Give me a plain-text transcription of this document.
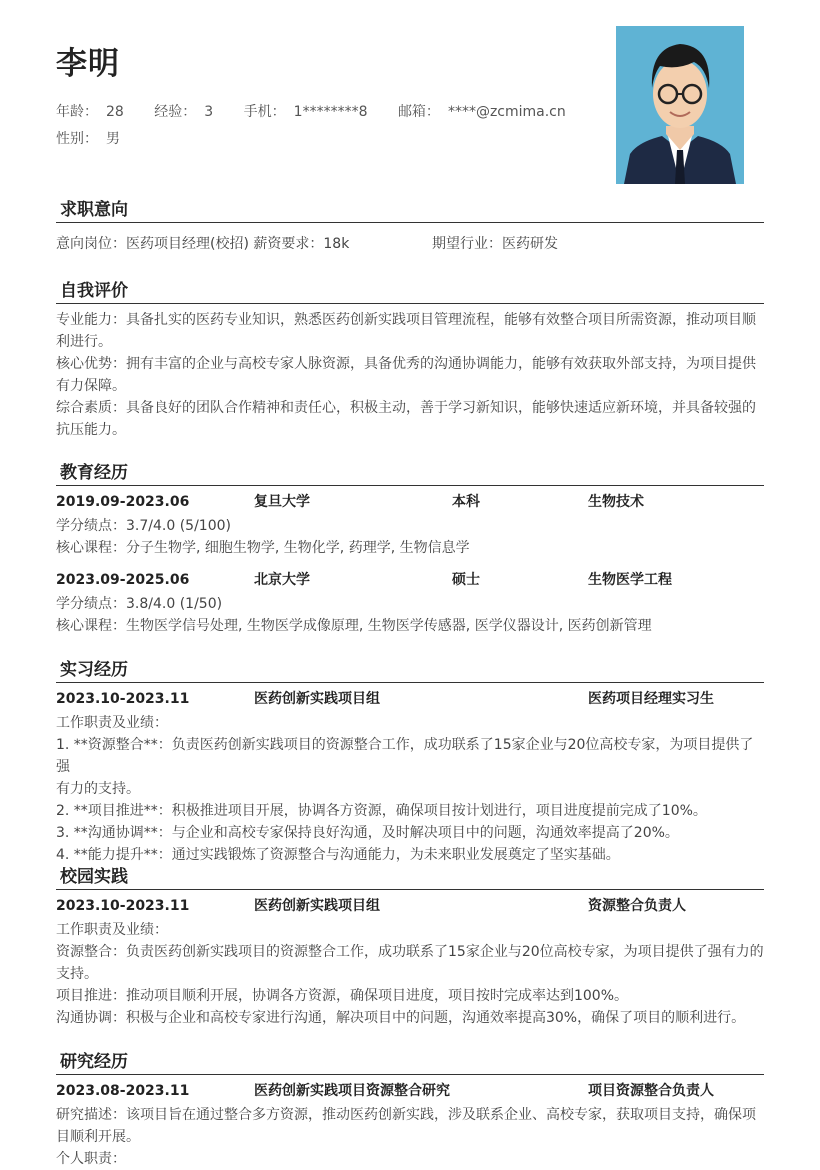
李明
年龄： 28 经验： 3 手机： 1********8 邮箱： ****@zcmima.cn
性别： 男
求职意向
意向岗位：医药项目经理(校招) 薪资要求：18k	期望行业：医药研发
自我评价
专业能力：具备扎实的医药专业知识，熟悉医药创新实践项目管理流程，能够有效整合项目所需资源，推动项目顺
利进行。
核心优势：拥有丰富的企业与高校专家人脉资源，具备优秀的沟通协调能力，能够有效获取外部支持，为项目提供
有力保障。
综合素质：具备良好的团队合作精神和责任心，积极主动，善于学习新知识，能够快速适应新环境，并具备较强的
抗压能力。
教育经历
2019.09-2023.06	复旦大学	本科	生物技术
学分绩点：3.7/4.0 (5/100)
核心课程：分子生物学, 细胞生物学, 生物化学, 药理学, 生物信息学
2023.09-2025.06	北京大学	硕士	生物医学工程
学分绩点：3.8/4.0 (1/50)
核心课程：生物医学信号处理, 生物医学成像原理, 生物医学传感器, 医学仪器设计, 医药创新管理
实习经历
2023.10-2023.11	医药创新实践项目组	医药项目经理实习生
工作职责及业绩：
1. **资源整合**：负责医药创新实践项目的资源整合工作，成功联系了15家企业与20位高校专家，为项目提供了强
有力的支持。
2. **项目推进**：积极推进项目开展，协调各方资源，确保项目按计划进行，项目进度提前完成了10%。
3. **沟通协调**：与企业和高校专家保持良好沟通，及时解决项目中的问题，沟通效率提高了20%。
4. **能力提升**：通过实践锻炼了资源整合与沟通能力，为未来职业发展奠定了坚实基础。
校园实践
2023.10-2023.11	医药创新实践项目组	资源整合负责人
工作职责及业绩：
资源整合：负责医药创新实践项目的资源整合工作，成功联系了15家企业与20位高校专家，为项目提供了强有力的
支持。
项目推进：推动项目顺利开展，协调各方资源，确保项目进度，项目按时完成率达到100%。
沟通协调：积极与企业和高校专家进行沟通，解决项目中的问题，沟通效率提高30%，确保了项目的顺利进行。
研究经历
2023.08-2023.11	医药创新实践项目资源整合研究	项目资源整合负责人
研究描述：该项目旨在通过整合多方资源，推动医药创新实践，涉及联系企业、高校专家，获取项目支持，确保项
目顺利开展。
个人职责：
